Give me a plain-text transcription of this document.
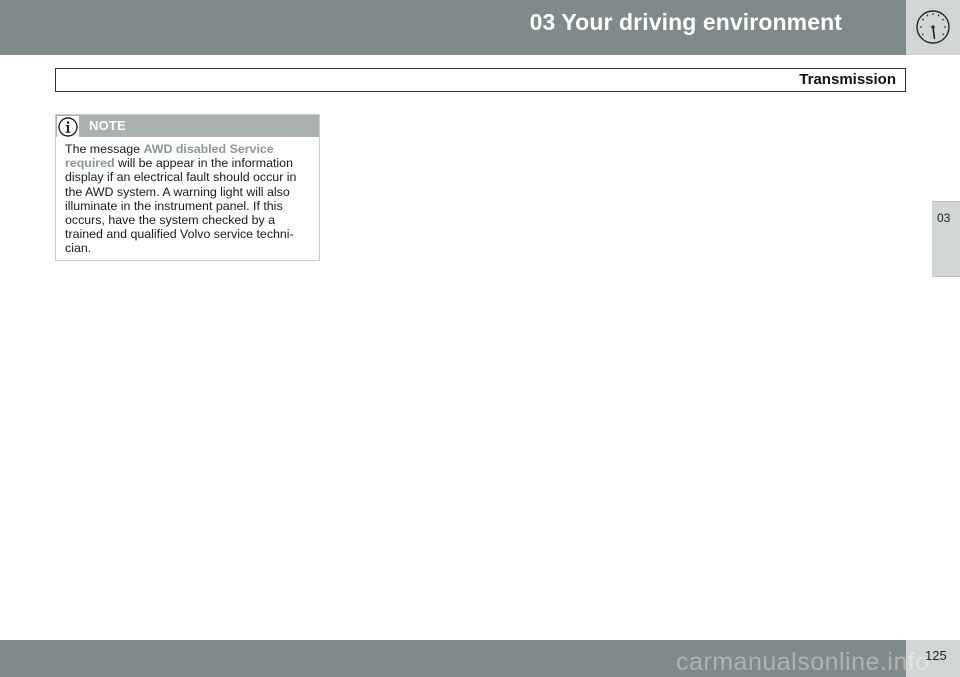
03 Your driving environment
Transmission
03
NOTE
The message AWD disabled Service required will be appear in the information display if an electrical fault should occur in the AWD system. A warning light will also illuminate in the instrument panel. If this occurs, have the system checked by a trained and qualified Volvo service techni-cian.
125
carmanualsonline.info
